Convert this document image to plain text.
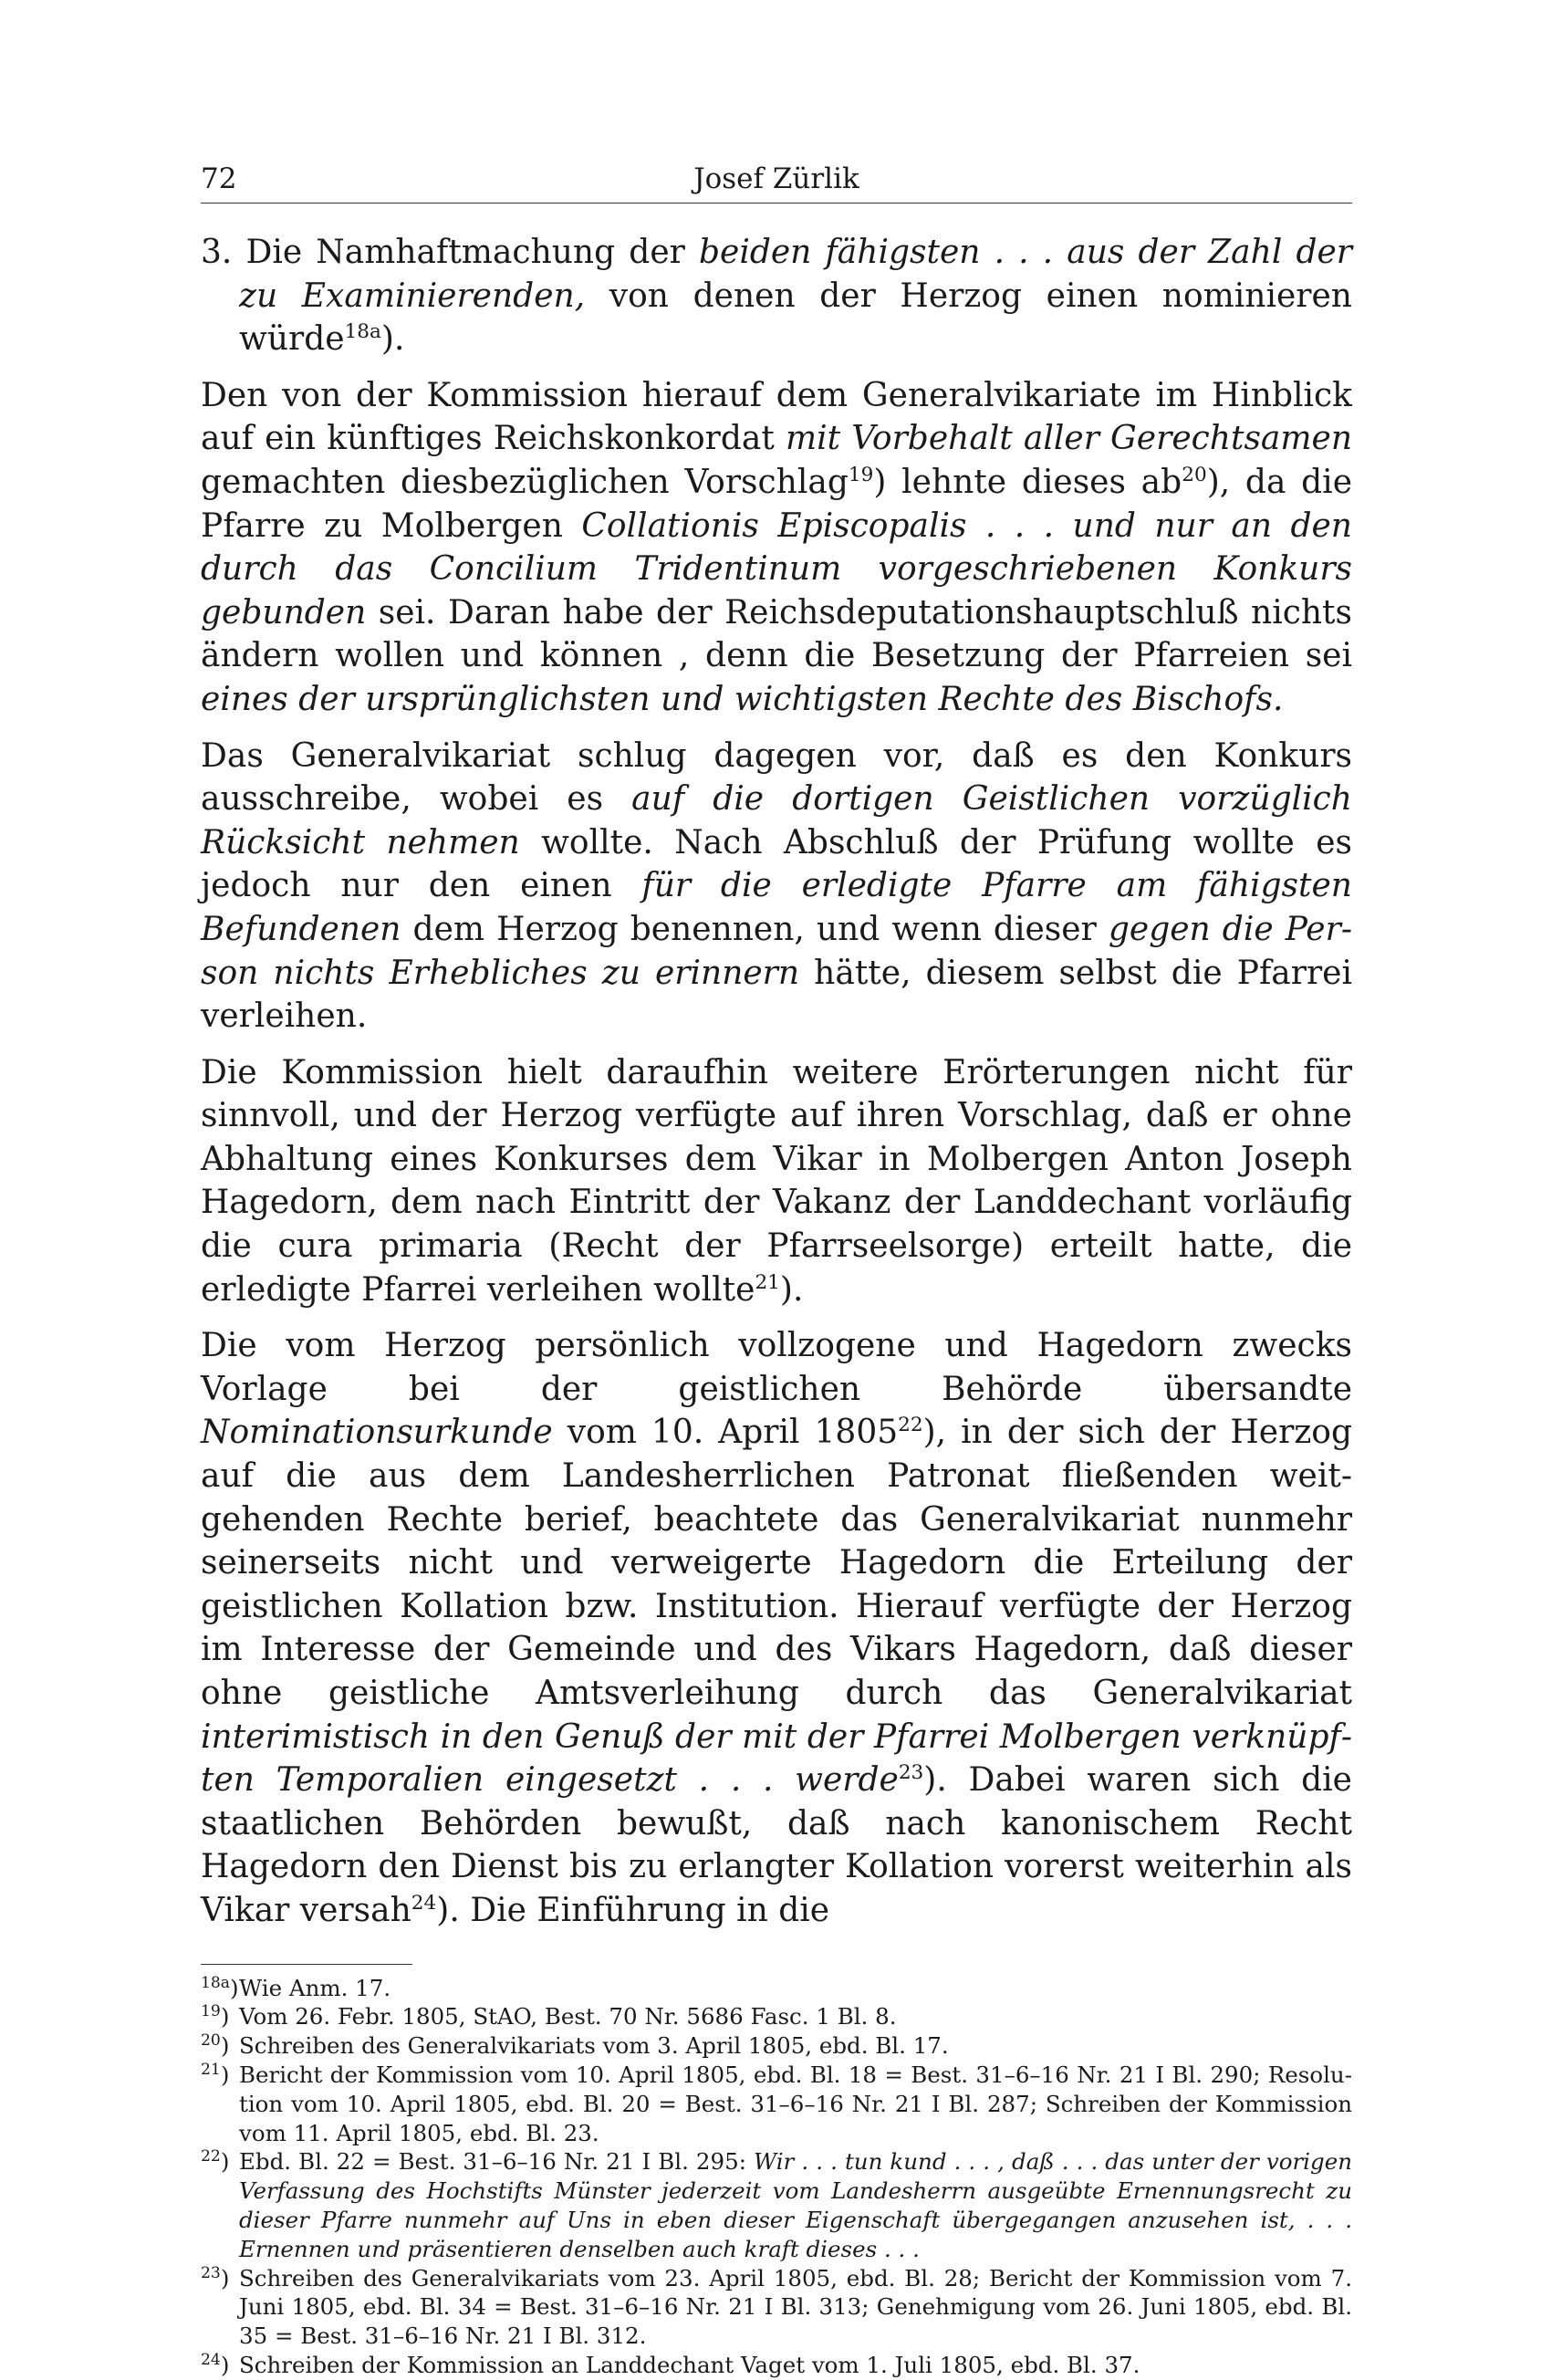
72	Josef Zürlik

3. Die Namhaftmachung der beiden fähigsten . . . aus der Zahl der zu Examinierenden, von denen der Herzog einen nominieren würde$^{18a}$).

Den von der Kommission hierauf dem Generalvikariate im Hinblick auf ein künftiges Reichskonkordat mit Vorbehalt aller Gerechtsamen gemachten diesbezüglichen Vorschlag$^{19}$) lehnte dieses $ab^{20}$), da die Pfarre zu Molbergen Collationis Episcopalis . . . und nur an den durch das Concilium Tridentinum vorgeschriebenen Konkurs gebunden sei. Daran habe der Reichsdeputationshauptschluß nichts ändern wollen und können , denn die Besetzung der Pfarreien sei eines der ursprünglichsten und wichtigsten Rechte des Bischofs.

Das Generalvikariat schlug dagegen vor, daß es den Konkurs ausschreibe, wobei es auf die dortigen Geistlichen vorzüglich Rücksicht nehmen wollte. Nach Abschluß der Prüfung wollte es jedoch nur den einen für die erledigte Pfarre am fähigsten Befundenen dem Herzog benennen, und wenn dieser gegen die Person nichts Erhebliches zu erinnern hätte, diesem selbst die Pfarrei verleihen.

Die Kommission hielt daraufhin weitere Erörterungen nicht für sinnvoll, und der Herzog verfügte auf ihren Vorschlag, daß er ohne Abhaltung eines Konkurses dem Vikar in Molbergen Anton Joseph Hagedorn, dem nach Eintritt der Vakanz der Landdechant vorläufig die cura primaria (Recht der Pfarrseelsorge) erteilt hatte, die erledigte Pfarrei verleihen wollte$^{21}$).

Die vom Herzog persönlich vollzogene und Hagedorn zwecks Vorlage bei der geistlichen Behörde übersandte Nominationsurkunde vom 10. April 1805$^{22}$), in der sich der Herzog auf die aus dem Landesherrlichen Patronat fließenden weitgehenden Rechte berief, beachtete das Generalvikariat nunmehr seinerseits nicht und verweigerte Hagedorn die Erteilung der geistlichen Kollation bzw. Institution. Hierauf verfügte der Herzog im Interesse der Gemeinde und des Vikars Hagedorn, daß dieser ohne geistliche Amtsverleihung durch das Generalvikariat interimistisch in den Genuß der mit der Pfarrei Molbergen verknüpften Temporalien eingesetzt . . . werde$^{23}$). Dabei waren sich die staatlichen Behörden bewußt, daß nach kanonischem Recht Hagedorn den Dienst bis zu erlangter Kollation vorerst weiterhin als Vikar versah$^{24}$). Die Einführung in die

$^{18a}$) Wie Anm. 17.
$^{19}$) Vom 26. Febr. 1805, StAO, Best. 70 Nr. 5686 Fasc. 1 Bl. 8.
$^{20}$) Schreiben des Generalvikariats vom 3. April 1805, ebd. Bl. 17.
$^{21}$) Bericht der Kommission vom 10. April 1805, ebd. Bl. 18 = Best. 31–6–16 Nr. 21 I Bl. 290; Resolution vom 10. April 1805, ebd. Bl. 20 = Best. 31–6–16 Nr. 21 I Bl. 287; Schreiben der Kommission vom 11. April 1805, ebd. Bl. 23.
$^{22}$) Ebd. Bl. 22 = Best. 31–6–16 Nr. 21 I Bl. 295: Wir . . . tun kund . . . , daß . . . das unter der vorigen Verfassung des Hochstifts Münster jederzeit vom Landesherrn ausgeübte Ernennungsrecht zu dieser Pfarre nunmehr auf Uns in eben dieser Eigenschaft übergegangen anzusehen ist, . . . Ernennen und präsentieren denselben auch kraft dieses . . .
$^{23}$) Schreiben des Generalvikariats vom 23. April 1805, ebd. Bl. 28; Bericht der Kommission vom 7. Juni 1805, ebd. Bl. 34 = Best. 31–6–16 Nr. 21 I Bl. 313; Genehmigung vom 26. Juni 1805, ebd. Bl. 35 = Best. 31–6–16 Nr. 21 I Bl. 312.
$^{24}$) Schreiben der Kommission an Landdechant Vaget vom 1. Juli 1805, ebd. Bl. 37.
